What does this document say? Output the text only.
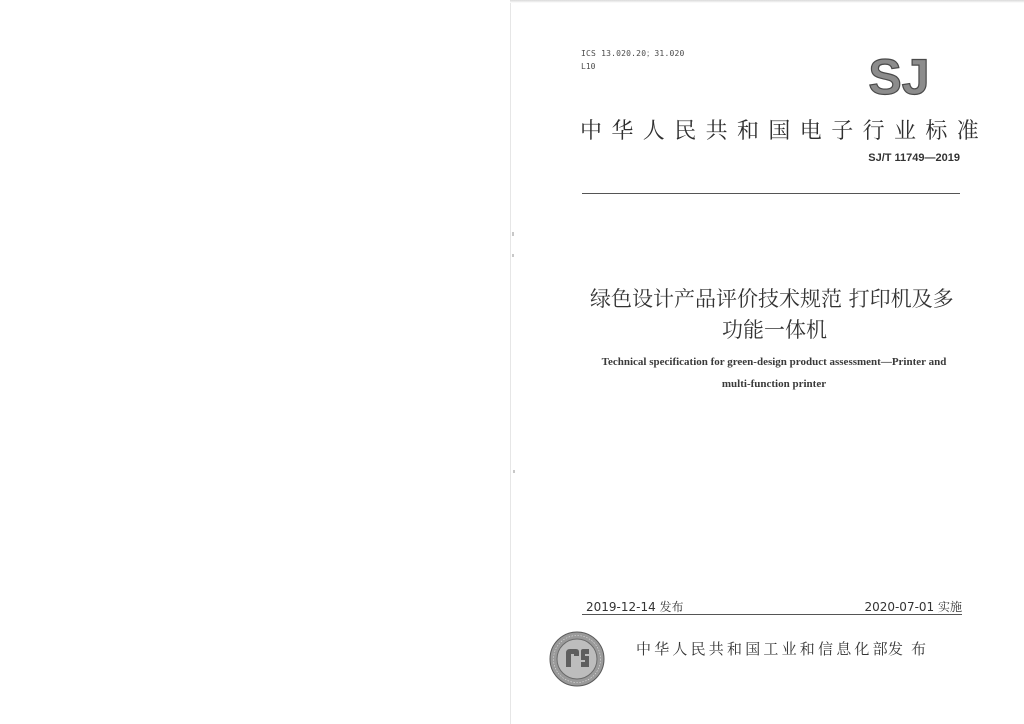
ICS 13.020.20；31.020
L10	SJ
中华人民共和国电子行业标准
SJ/T 11749—2019
绿色设计产品评价技术规范 打印机及多
功能一体机
Technical specification for green-design product assessment—Printer and
multi-function printer
2019-12-14 发布	2020-07-01 实施
中华人民共和国工业和信息化部
发布
